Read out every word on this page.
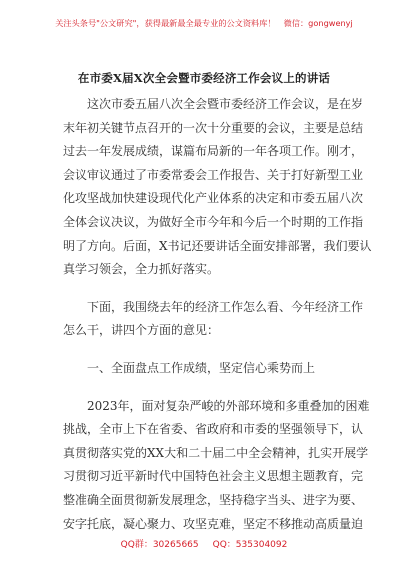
关注头条号"公文研究"，获得最新最全最专业的公文资料库！ 微信：gongwenyj
在市委X届X次全会暨市委经济工作会议上的讲话
这次市委五届八次全会暨市委经济工作会议，是在岁
末年初关键节点召开的一次十分重要的会议，主要是总结
过去一年发展成绩，谋篇布局新的一年各项工作。刚才，
会议审议通过了市委常委会工作报告、关于打好新型工业
化攻坚战加快建设现代化产业体系的决定和市委五届八次
全体会议决议，为做好全市今年和今后一个时期的工作指
明了方向。后面，X书记还要讲话全面安排部署，我们要认
真学习领会，全力抓好落实。
下面，我围绕去年的经济工作怎么看、今年经济工作
怎么干，讲四个方面的意见：
一、全面盘点工作成绩，坚定信心乘势而上
2023年，面对复杂严峻的外部环境和多重叠加的困难
挑战，全市上下在省委、省政府和市委的坚强领导下，认
真贯彻落实党的XX大和二十届二中全会精神，扎实开展学
习贯彻习近平新时代中国特色社会主义思想主题教育，完
整准确全面贯彻新发展理念，坚持稳字当头、进字为要、
安字托底，凝心聚力、攻坚克难，坚定不移推动高质量迫
QQ群：30265665 QQ：535304092
